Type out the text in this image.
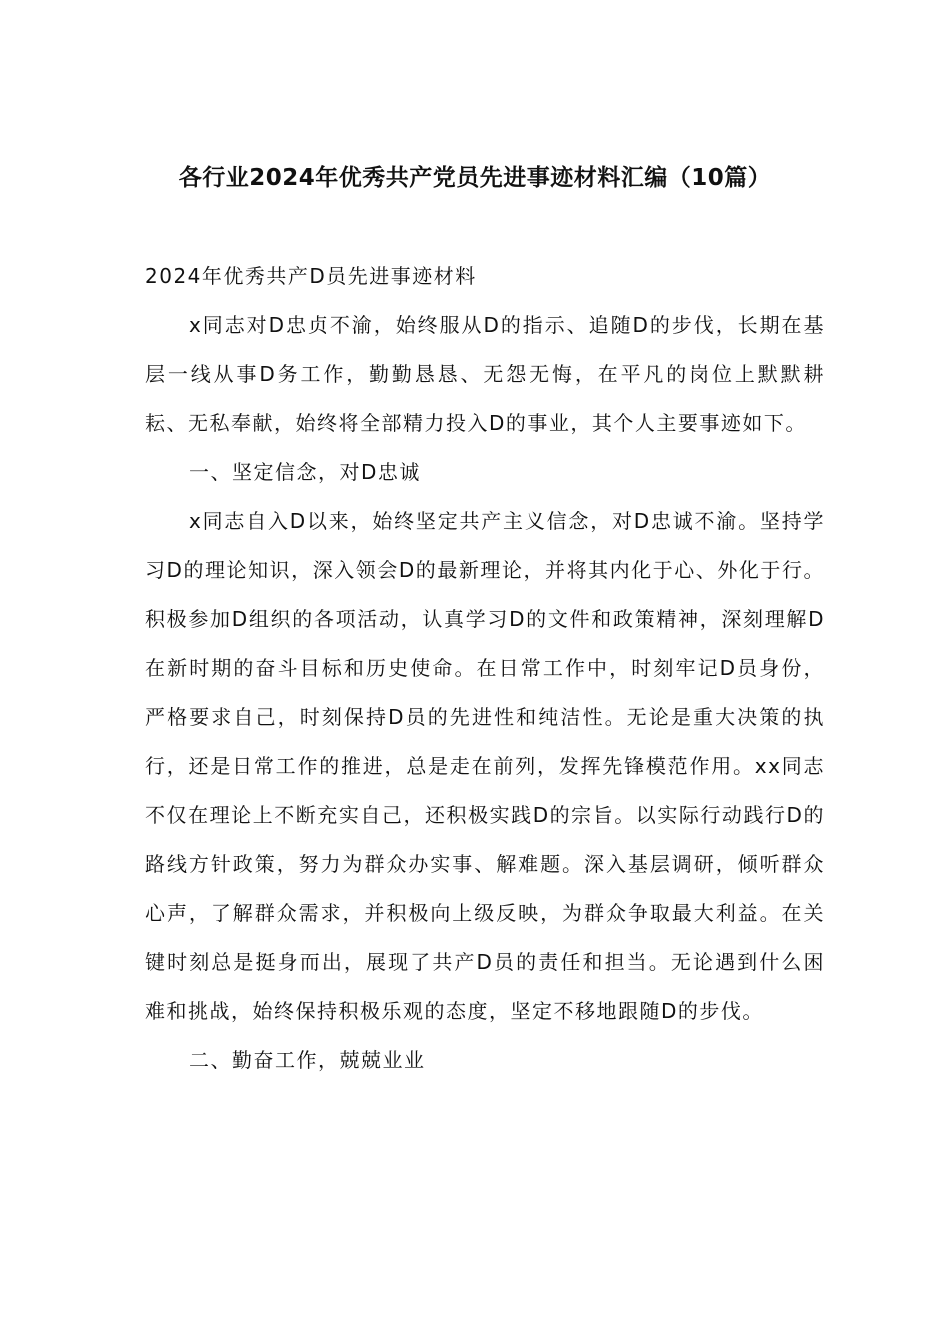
各行业2024年优秀共产党员先进事迹材料汇编（10篇）

2024年优秀共产D员先进事迹材料

x同志对D忠贞不渝，始终服从D的指示、追随D的步伐，长期在基层一线从事D务工作，勤勤恳恳、无怨无悔，在平凡的岗位上默默耕耘、无私奉献，始终将全部精力投入D的事业，其个人主要事迹如下。

一、坚定信念，对D忠诚

x同志自入D以来，始终坚定共产主义信念，对D忠诚不渝。坚持学习D的理论知识，深入领会D的最新理论，并将其内化于心、外化于行。积极参加D组织的各项活动，认真学习D的文件和政策精神，深刻理解D在新时期的奋斗目标和历史使命。在日常工作中，时刻牢记D员身份，严格要求自己，时刻保持D员的先进性和纯洁性。无论是重大决策的执行，还是日常工作的推进，总是走在前列，发挥先锋模范作用。xx同志不仅在理论上不断充实自己，还积极实践D的宗旨。以实际行动践行D的路线方针政策，努力为群众办实事、解难题。深入基层调研，倾听群众心声，了解群众需求，并积极向上级反映，为群众争取最大利益。在关键时刻总是挺身而出，展现了共产D员的责任和担当。无论遇到什么困难和挑战，始终保持积极乐观的态度，坚定不移地跟随D的步伐。

二、勤奋工作，兢兢业业
